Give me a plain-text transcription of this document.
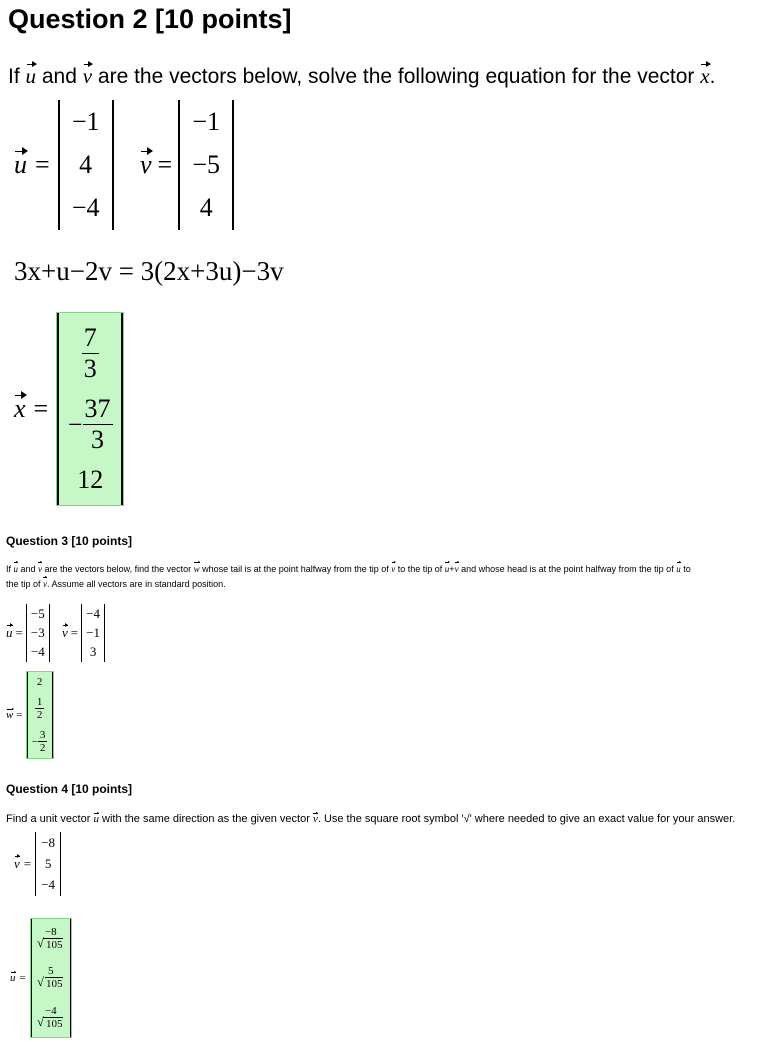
Question 2 [10 points]
If u and v are the vectors below, solve the following equation for the vector x.
u =
−1
4
−4
v =
−1
−5
4
3x+u−2v = 3(2x+3u)−3v
x =
$\frac{7}{3}$
− $\frac{37}{3}$
12
Question 3 [10 points]
If u and v are the vectors below, find the vector w whose tail is at the point halfway from the tip of v to the tip of u+v and whose head is at the point halfway from the tip of u to
the tip of v. Assume all vectors are in standard position.
u =
−5
−3
−4
v =
−4
−1
3
w =
2
$\frac{1}{2}$
− $\frac{3}{2}$
Question 4 [10 points]
Find a unit vector u with the same direction as the given vector v. Use the square root symbol '√' where needed to give an exact value for your answer.
v =
−8
5
−4
u =
−8
√ 105
5
√ 105
−4
√ 105
